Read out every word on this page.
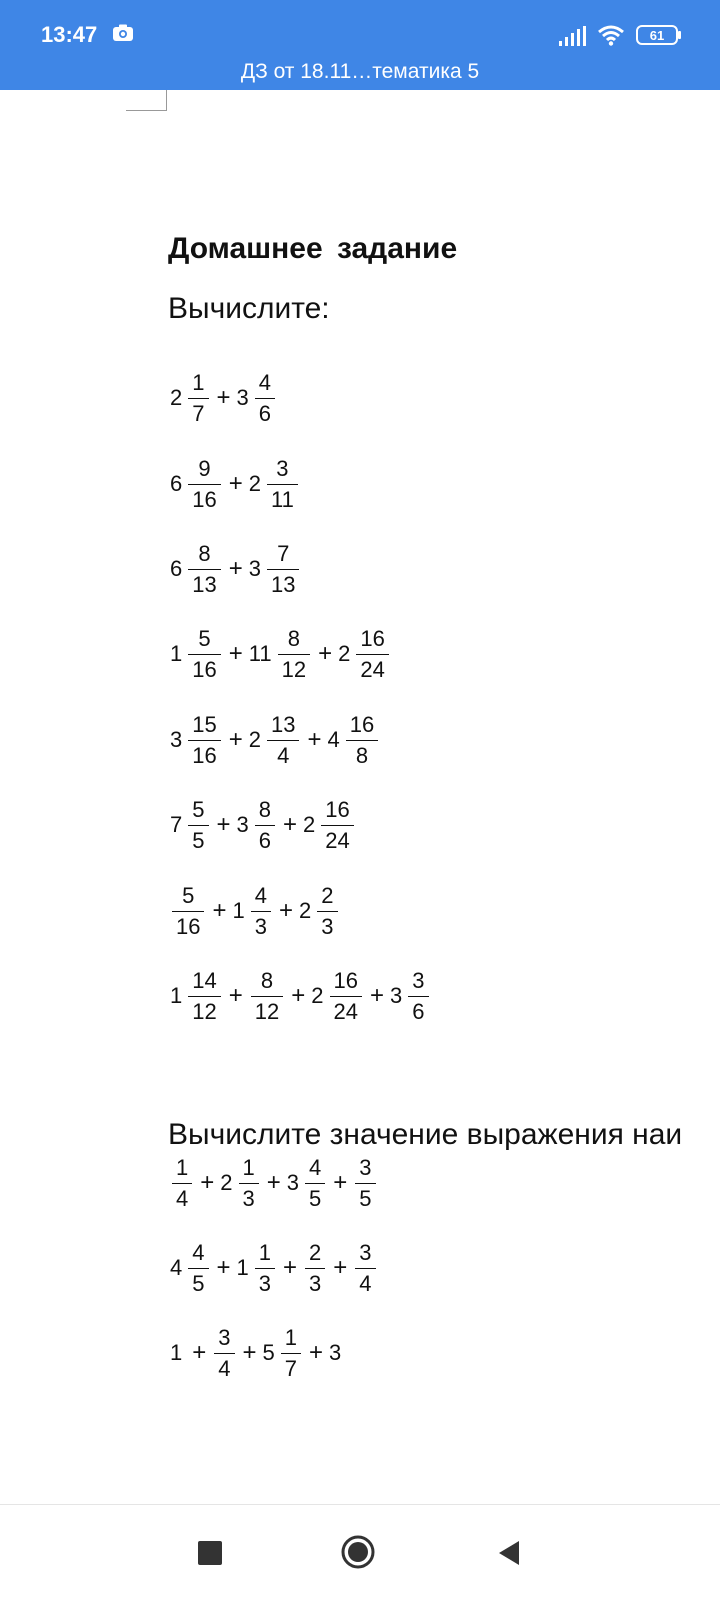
13:47	61
ДЗ от 18.11…тематика 5
Домашнее задание
Вычислите:
$2 \frac{1}{7} + 3 \frac{4}{6}$
$6 \frac{9}{16} + 2 \frac{3}{11}$
$6 \frac{8}{13} + 3 \frac{7}{13}$
$1 \frac{5}{16} + 11 \frac{8}{12} + 2 \frac{16}{24}$
$3 \frac{15}{16} + 2 \frac{13}{4} + 4 \frac{16}{8}$
$7 \frac{5}{5} + 3 \frac{8}{6} + 2 \frac{16}{24}$
$\frac{5}{16} + 1 \frac{4}{3} + 2 \frac{2}{3}$
$1 \frac{14}{12} + \frac{8}{12} + 2 \frac{16}{24} + 3 \frac{3}{6}$
Вычислите значение выражения наи
$\frac{1}{4} + 2 \frac{1}{3} + 3 \frac{4}{5} + \frac{3}{5}$
$4 \frac{4}{5} + 1 \frac{1}{3} + \frac{2}{3} + \frac{3}{4}$
$1 + \frac{3}{4} + 5 \frac{1}{7} + 3$
